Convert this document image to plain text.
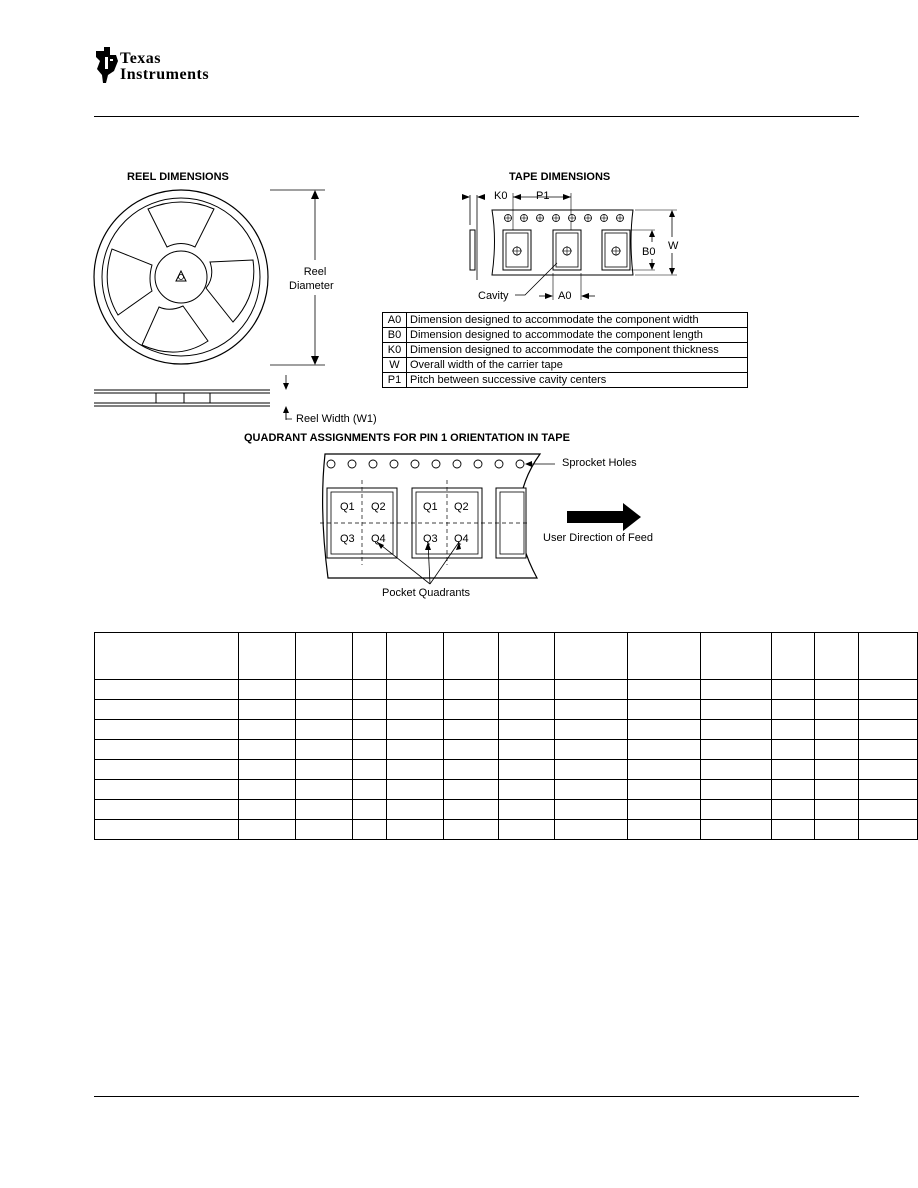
Texas
Instruments
REEL DIMENSIONS
Reel
Diameter
Reel Width (W1)
TAPE DIMENSIONS
K0	P1
B0 W
Cavity	A0
A0	Dimension designed to accommodate the component width
B0	Dimension designed to accommodate the component length
K0	Dimension designed to accommodate the component thickness
W	Overall width of the carrier tape
P1	Pitch between successive cavity centers
QUADRANT ASSIGNMENTS FOR PIN 1 ORIENTATION IN TAPE
Q1 Q2
Q3 Q4
Q1 Q2
Q3 Q4
Sprocket Holes
User Direction of Feed
Pocket Quadrants
